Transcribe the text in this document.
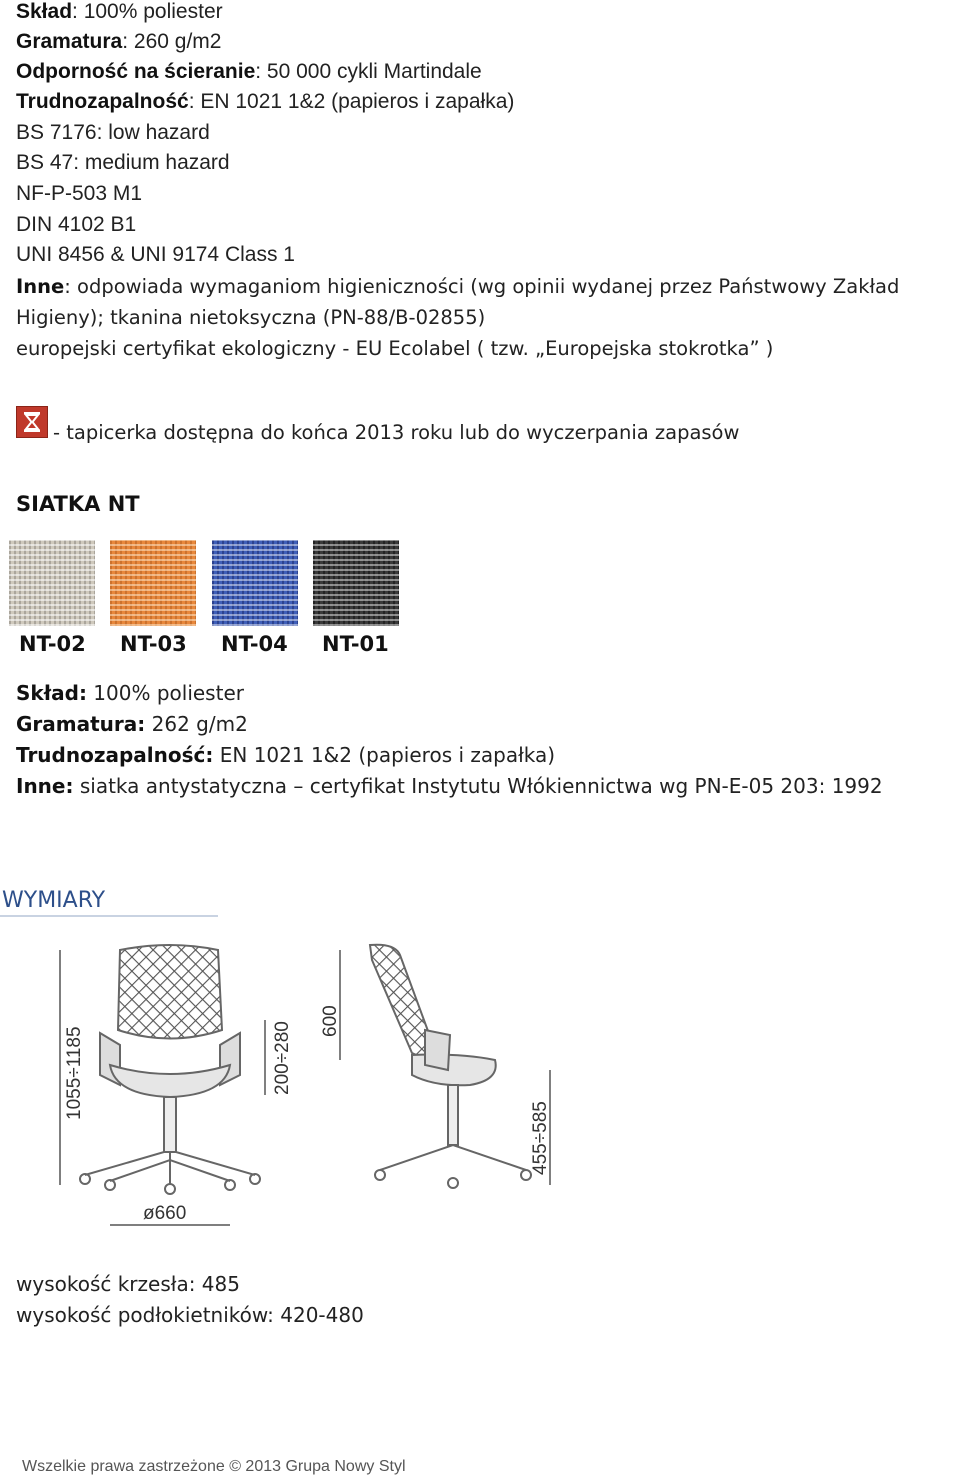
Skład: 100% poliester
Gramatura: 260 g/m2
Odporność na ścieranie: 50 000 cykli Martindale
Trudnozapalność: EN 1021 1&2 (papieros i zapałka)
BS 7176: low hazard
BS 47: medium hazard
NF-P-503 M1
DIN 4102 B1
UNI 8456 & UNI 9174 Class 1
Inne: odpowiada wymaganiom higieniczności (wg opinii wydanej przez Państwowy Zakład
Higieny); tkanina nietoksyczna (PN-88/B-02855)
europejski certyfikat ekologiczny - EU Ecolabel ( tzw. „Europejska stokrotka” )
- tapicerka dostępna do końca 2013 roku lub do wyczerpania zapasów
SIATKA NT
NT-02 NT-03 NT-04 NT-01
Skład: 100% poliester
Gramatura: 262 g/m2
Trudnozapalność: EN 1021 1&2 (papieros i zapałka)
Inne: siatka antystatyczna – certyfikat Instytutu Włókiennictwa wg PN-E-05 203: 1992
WYMIARY
1055÷1185	200÷280
600
455÷585
ø660
wysokość krzesła: 485
wysokość podłokietników: 420-480
Wszelkie prawa zastrzeżone © 2013 Grupa Nowy Styl
